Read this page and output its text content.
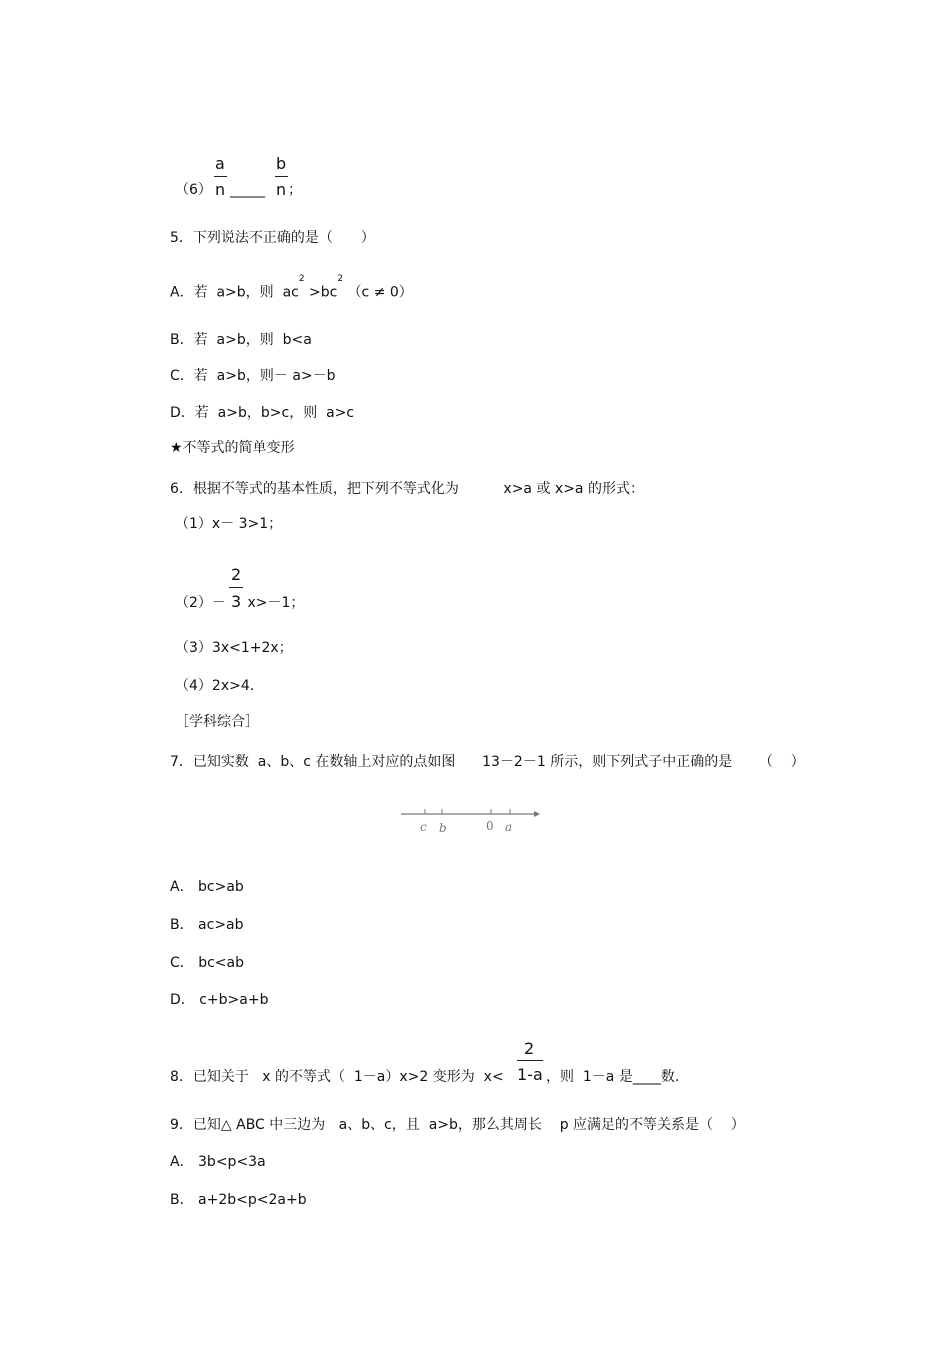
a
（6） n _____
b
n ；
5．下列说法不正确的是（　　）
A．若  a>b，则  $ac^2 >bc^2$ （c ≠ 0）
B．若  a>b，则  b<a
C．若  a>b，则－ a>－b
D．若  a>b，b>c，则  a>c
★不等式的简单变形
6．根据不等式的基本性质，把下列不等式化为          x>a 或 x>a 的形式：
（1）x－ 3>1；
2
（2）－ 3 x>－1；
（3）3x<1+2x；
（4）2x>4．
［学科综合］
7．已知实数  a、b、c 在数轴上对应的点如图      13－2－1 所示，则下列式子中正确的是      （    ）
c b	0 a
A． bc>ab
B． ac>ab
C． bc<ab
D． c+b>a+b
2
8．已知关于   x 的不等式（  1－a）x>2 变形为  x< 1-a ，则  1－a 是____数.
9．已知△ ABC 中三边为   a、b、c，且  a>b，那么其周长    p 应满足的不等关系是（    ）
A． 3b<p<3a
B． a+2b<p<2a+b
